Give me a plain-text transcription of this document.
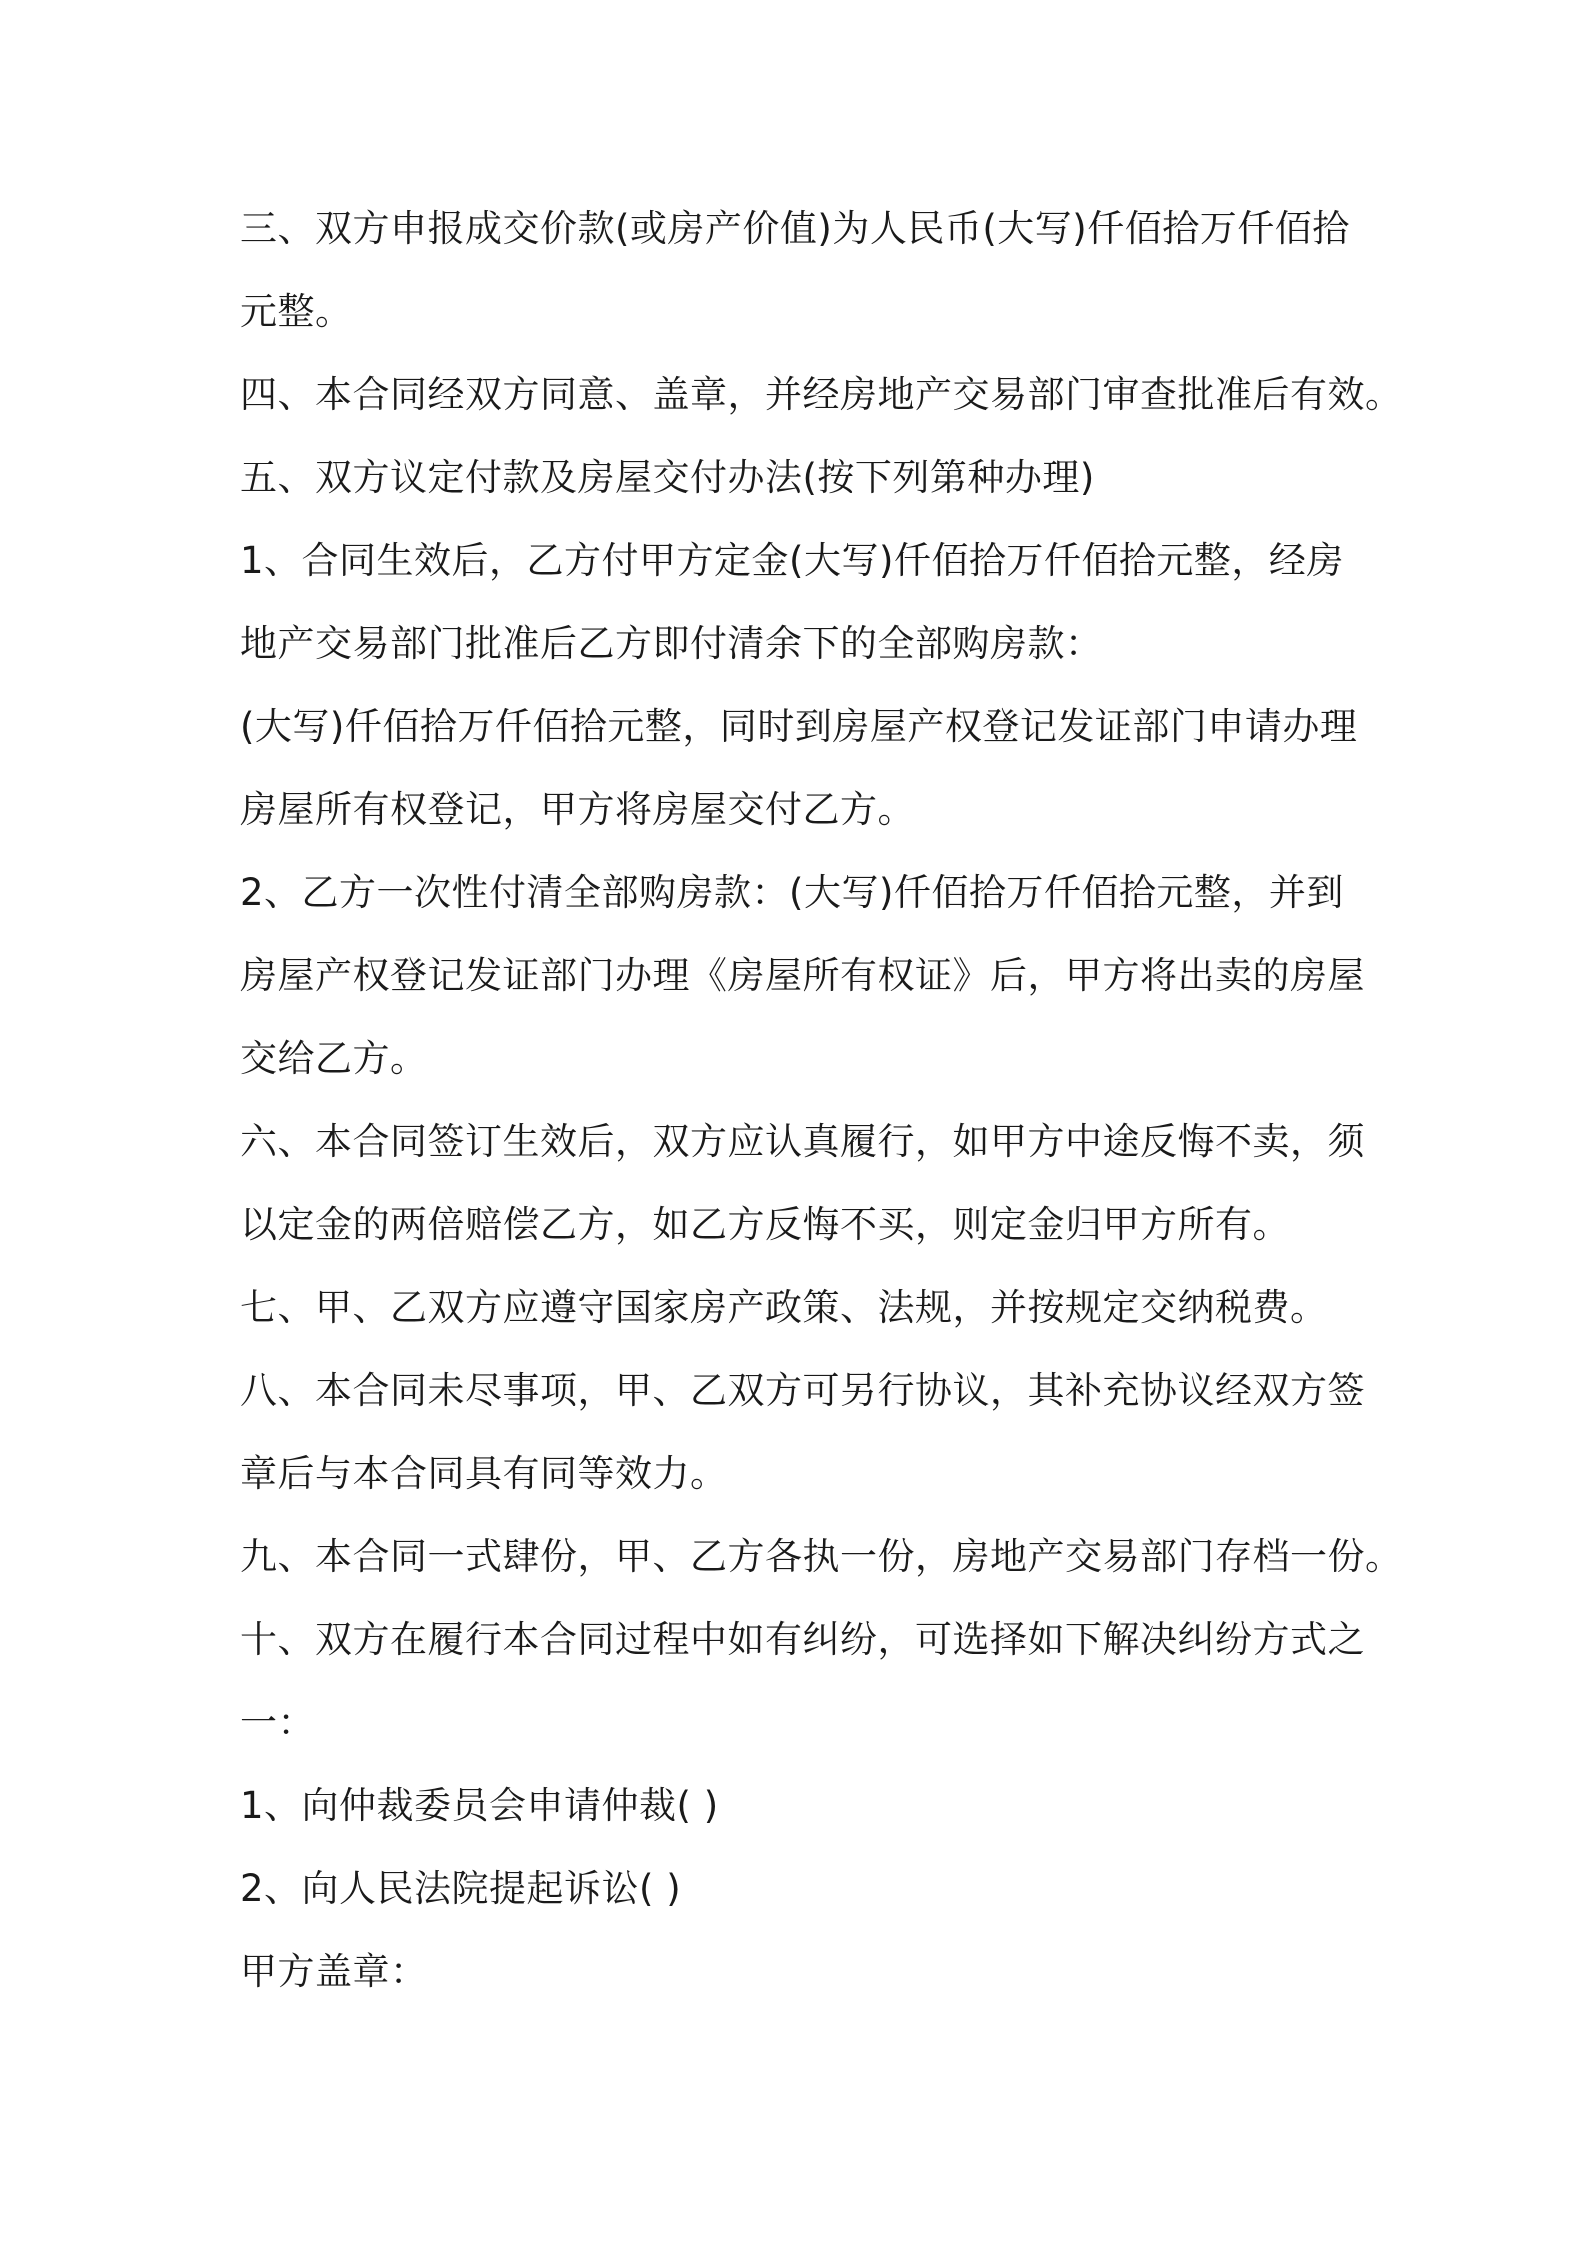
三、双方申报成交价款(或房产价值)为人民币(大写)仟佰拾万仟佰拾
元整。
四、本合同经双方同意、盖章，并经房地产交易部门审查批准后有效。
五、双方议定付款及房屋交付办法(按下列第种办理)
1、合同生效后，乙方付甲方定金(大写)仟佰拾万仟佰拾元整，经房
地产交易部门批准后乙方即付清余下的全部购房款：
(大写)仟佰拾万仟佰拾元整，同时到房屋产权登记发证部门申请办理
房屋所有权登记，甲方将房屋交付乙方。
2、乙方一次性付清全部购房款：(大写)仟佰拾万仟佰拾元整，并到
房屋产权登记发证部门办理《房屋所有权证》后，甲方将出卖的房屋
交给乙方。
六、本合同签订生效后，双方应认真履行，如甲方中途反悔不卖，须
以定金的两倍赔偿乙方，如乙方反悔不买，则定金归甲方所有。
七、甲、乙双方应遵守国家房产政策、法规，并按规定交纳税费。
八、本合同未尽事项，甲、乙双方可另行协议，其补充协议经双方签
章后与本合同具有同等效力。
九、本合同一式肆份，甲、乙方各执一份，房地产交易部门存档一份。
十、双方在履行本合同过程中如有纠纷，可选择如下解决纠纷方式之
一：
1、向仲裁委员会申请仲裁( )
2、向人民法院提起诉讼( )
甲方盖章：
